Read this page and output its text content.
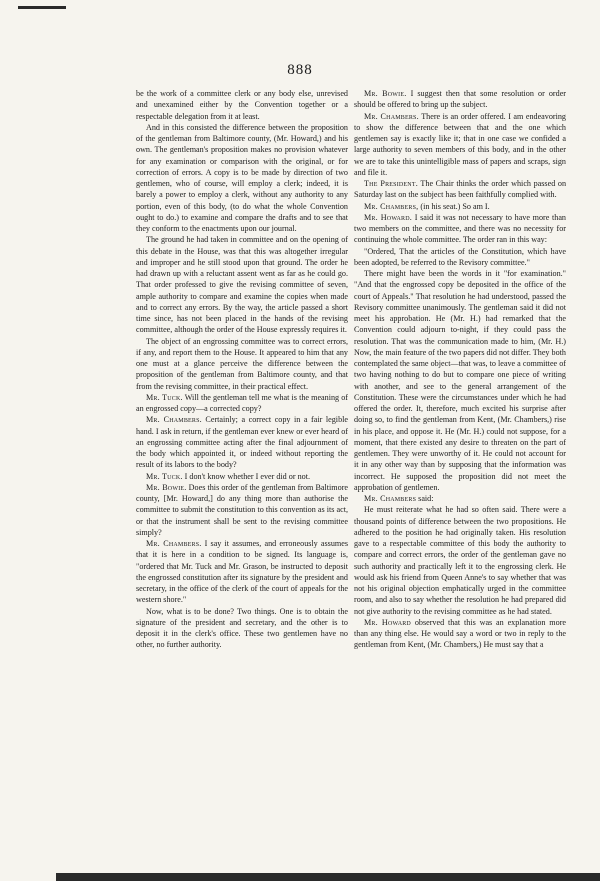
888

be the work of a committee clerk or any body else, unrevised and unexamined either by the Convention together or a respectable delegation from it at least.

And in this consisted the difference between the proposition of the gentleman from Baltimore county, (Mr. Howard,) and his own. The gentleman's proposition makes no provision whatever for any examination or comparison with the original, or for correction of errors. A copy is to be made by direction of two gentlemen, who of course, will employ a clerk; indeed, it is barely a power to employ a clerk, without any authority to any portion, even of this body, (to do what the whole Convention ought to do.) to examine and compare the drafts and to see that they conform to the enactments upon our journal.

The ground he had taken in committee and on the opening of this debate in the House, was that this was altogether irregular and improper and he still stood upon that ground. The order he had drawn up with a reluctant assent went as far as he could go. That order professed to give the revising committee of seven, ample authority to compare and examine the copies when made and to correct any errors. By the way, the article passed a short time since, has not been placed in the hands of the revising committee, although the order of the House expressly requires it.

The object of an engrossing committee was to correct errors, if any, and report them to the House. It appeared to him that any one must at a glance perceive the difference between the proposition of the gentleman from Baltimore county, and that from the revising committee, in their practical effect.

Mr. Tuck. Will the gentleman tell me what is the meaning of an engrossed copy—a corrected copy?

Mr. Chambers. Certainly; a correct copy in a fair legible hand. I ask in return, if the gentleman ever knew or ever heard of an engrossing committee acting after the final adjournment of the body which appointed it, or indeed without reporting the result of its labors to the body?

Mr. Tuck. I don't know whether I ever did or not.

Mr. Bowie. Does this order of the gentleman from Baltimore county, [Mr. Howard,] do any thing more than authorise the committee to submit the constitution to this convention as its act, or that the instrument shall be sent to the revising committee simply?

Mr. Chambers. I say it assumes, and erroneously assumes that it is here in a condition to be signed. Its language is, "ordered that Mr. Tuck and Mr. Grason, be instructed to deposit the engrossed constitution after its signature by the president and secretary, in the office of the clerk of the court of appeals for the western shore."

Now, what is to be done? Two things. One is to obtain the signature of the president and secretary, and the other is to deposit it in the clerk's office. These two gentlemen have no other, no further authority.

Mr. Bowie. I suggest then that some resolution or order should be offered to bring up the subject.

Mr. Chambers. There is an order offered. I am endeavoring to show the difference between that and the one which gentlemen say is exactly like it; that in one case we confided a large authority to seven members of this body, and in the other we are to take this unintelligible mass of papers and scraps, sign and file it.

The President. The Chair thinks the order which passed on Saturday last on the subject has been faithfully complied with.

Mr. Chambers, (in his seat.) So am I.

Mr. Howard. I said it was not necessary to have more than two members on the committee, and there was no necessity for continuing the whole committee. The order ran in this way:

"Ordered, That the articles of the Constitution, which have been adopted, be referred to the Revisory committee."

There might have been the words in it "for examination." "And that the engrossed copy be deposited in the office of the court of Appeals." That resolution he had understood, passed the Revisory committee unanimously. The gentleman said it did not meet his approbation. He (Mr. H.) had remarked that the Convention could adjourn to-night, if they could pass the resolution. That was the communication made to him, (Mr. H.) Now, the main feature of the two papers did not differ. They both contemplated the same object—that was, to leave a committee of two having nothing to do but to compare one piece of writing with another, and see to the general arrangement of the Constitution. These were the circumstances under which he had offered the order. It, therefore, much excited his surprise after doing so, to find the gentleman from Kent, (Mr. Chambers,) rise in his place, and oppose it. He (Mr. H.) could not suppose, for a moment, that there existed any desire to threaten on the part of gentlemen. They were unworthy of it. He could not account for it in any other way than by supposing that the information was incorrect. He supposed the proposition did not meet the approbation of gentlemen.

Mr. Chambers said:

He must reiterate what he had so often said. There were a thousand points of difference between the two propositions. He adhered to the position he had originally taken. His resolution gave to a respectable committee of this body the authority to compare and correct errors, the order of the gentleman gave no such authority and practically left it to the engrossing clerk. He would ask his friend from Queen Anne's to say whether that was not his original objection emphatically urged in the committee room, and also to say whether the resolution he had prepared did not give authority to the revising committee as he had stated.

Mr. Howard observed that this was an explanation more than any thing else. He would say a word or two in reply to the gentleman from Kent, (Mr. Chambers,) He must say that a
